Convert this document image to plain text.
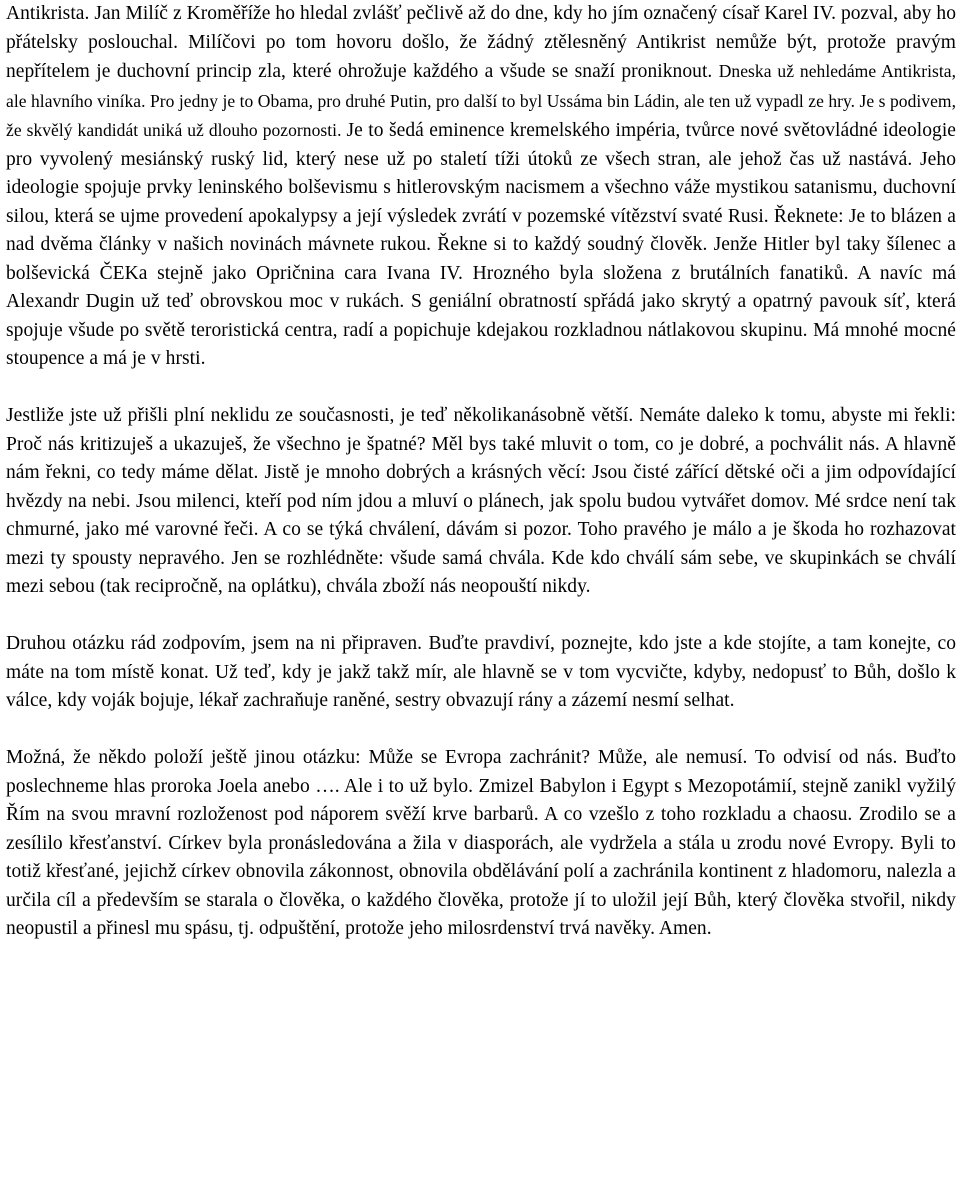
Antikrista. Jan Milíč z Kroměříže ho hledal zvlášť pečlivě až do dne, kdy ho jím označený císař Karel IV. pozval, aby ho přátelsky poslouchal. Milíčovi po tom hovoru došlo, že žádný ztělesněný Antikrist nemůže být, protože pravým nepřítelem je duchovní princip zla, které ohrožuje každého a všude se snaží proniknout. Dneska už nehledáme Antikrista, ale hlavního viníka. Pro jedny je to Obama, pro druhé Putin, pro další to byl Ussáma bin Ládin, ale ten už vypadl ze hry. Je s podivem, že skvělý kandidát uniká už dlouho pozornosti. Je to šedá eminence kremelského impéria, tvůrce nové světovládné ideologie pro vyvolený mesiánský ruský lid, který nese už po staletí tíži útoků ze všech stran, ale jehož čas už nastává. Jeho ideologie spojuje prvky leninského bolševismu s hitlerovským nacismem a všechno váže mystikou satanismu, duchovní silou, která se ujme provedení apokalypsy a její výsledek zvrátí v pozemské vítězství svaté Rusi. Řeknete: Je to blázen a nad dvěma články v našich novinách mávnete rukou. Řekne si to každý soudný člověk. Jenže Hitler byl taky šílenec a bolševická ČEKa stejně jako Opričnina cara Ivana IV. Hrozného byla složena z brutálních fanatiků. A navíc má Alexandr Dugin už teď obrovskou moc v rukách. S geniální obratností spřádá jako skrytý a opatrný pavouk síť, která spojuje všude po světě teroristická centra, radí a popichuje kdejakou rozkladnou nátlakovou skupinu. Má mnohé mocné stoupence a má je v hrsti.

Jestliže jste už přišli plní neklidu ze současnosti, je teď několikanásobně větší. Nemáte daleko k tomu, abyste mi řekli: Proč nás kritizuješ a ukazuješ, že všechno je špatné? Měl bys také mluvit o tom, co je dobré, a pochválit nás. A hlavně nám řekni, co tedy máme dělat. Jistě je mnoho dobrých a krásných věcí: Jsou čisté zářící dětské oči a jim odpovídající hvězdy na nebi. Jsou milenci, kteří pod ním jdou a mluví o plánech, jak spolu budou vytvářet domov. Mé srdce není tak chmurné, jako mé varovné řeči. A co se týká chválení, dávám si pozor. Toho pravého je málo a je škoda ho rozhazovat mezi ty spousty nepravého. Jen se rozhlédněte: všude samá chvála. Kde kdo chválí sám sebe, ve skupinkách se chválí mezi sebou (tak recipročně, na oplátku), chvála zboží nás neopouští nikdy.

Druhou otázku rád zodpovím, jsem na ni připraven. Buďte pravdiví, poznejte, kdo jste a kde stojíte, a tam konejte, co máte na tom místě konat. Už teď, kdy je jakž takž mír, ale hlavně se v tom vycvičte, kdyby, nedopusť to Bůh, došlo k válce, kdy voják bojuje, lékař zachraňuje raněné, sestry obvazují rány a zázemí nesmí selhat.

Možná, že někdo položí ještě jinou otázku: Může se Evropa zachránit? Může, ale nemusí. To odvisí od nás. Buďto poslechneme hlas proroka Joela anebo …. Ale i to už bylo. Zmizel Babylon i Egypt s Mezopotámií, stejně zanikl vyžilý Řím na svou mravní rozloženost pod náporem svěží krve barbarů. A co vzešlo z toho rozkladu a chaosu. Zrodilo se a zesílilo křesťanství. Církev byla pronásledována a žila v diasporách, ale vydržela a stála u zrodu nové Evropy. Byli to totiž křesťané, jejichž církev obnovila zákonnost, obnovila obdělávání polí a zachránila kontinent z hladomoru, nalezla a určila cíl a především se starala o člověka, o každého člověka, protože jí to uložil její Bůh, který člověka stvořil, nikdy neopustil a přinesl mu spásu, tj. odpuštění, protože jeho milosrdenství trvá navěky. Amen.
